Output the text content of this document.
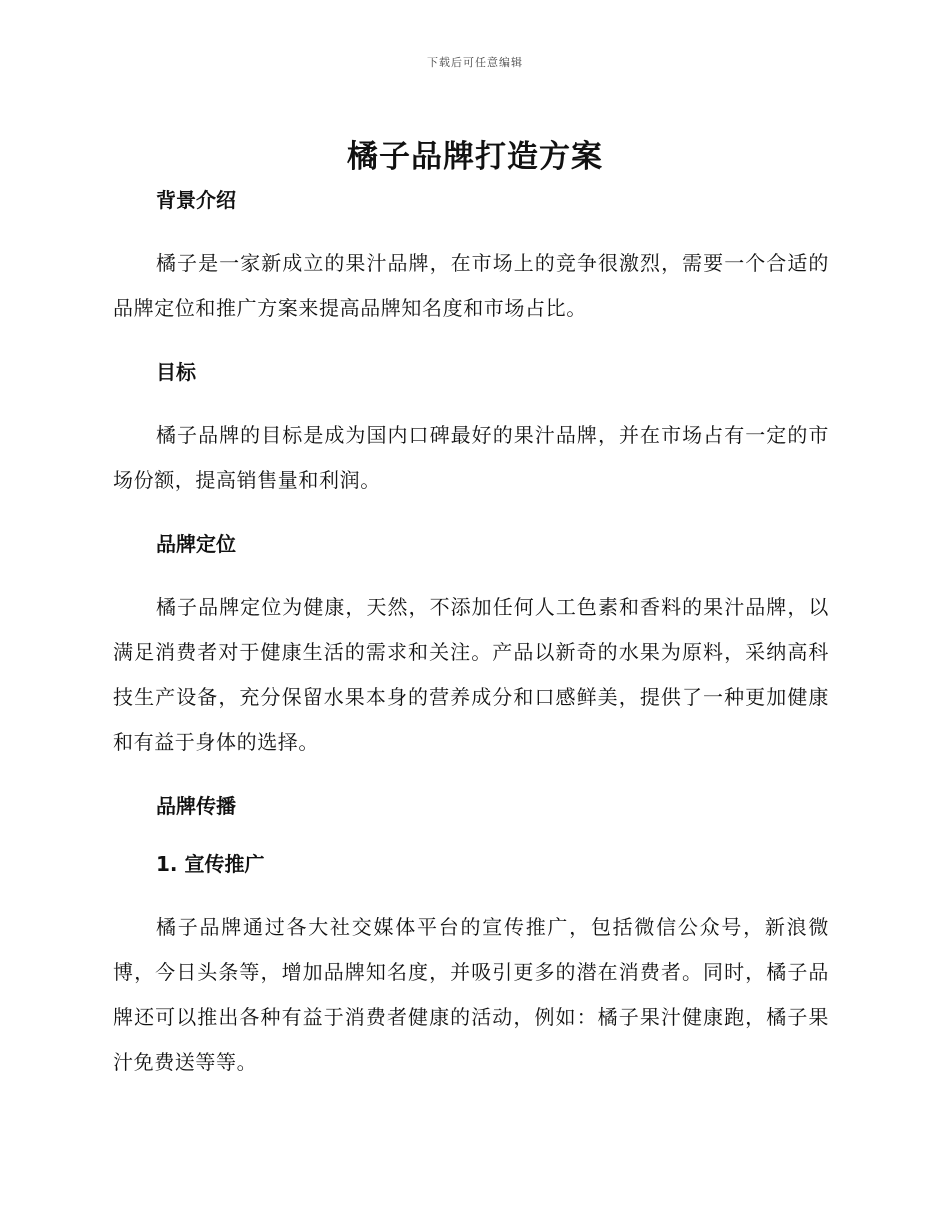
下载后可任意编辑
橘子品牌打造方案
背景介绍

橘子是一家新成立的果汁品牌，在市场上的竞争很激烈，需要一个合适的品牌定位和推广方案来提高品牌知名度和市场占比。

目标

橘子品牌的目标是成为国内口碑最好的果汁品牌，并在市场占有一定的市场份额，提高销售量和利润。

品牌定位

橘子品牌定位为健康，天然，不添加任何人工色素和香料的果汁品牌，以满足消费者对于健康生活的需求和关注。产品以新奇的水果为原料，采纳高科技生产设备，充分保留水果本身的营养成分和口感鲜美，提供了一种更加健康和有益于身体的选择。

品牌传播
1. 宣传推广

橘子品牌通过各大社交媒体平台的宣传推广，包括微信公众号，新浪微博，今日头条等，增加品牌知名度，并吸引更多的潜在消费者。同时，橘子品牌还可以推出各种有益于消费者健康的活动，例如：橘子果汁健康跑，橘子果汁免费送等等。
